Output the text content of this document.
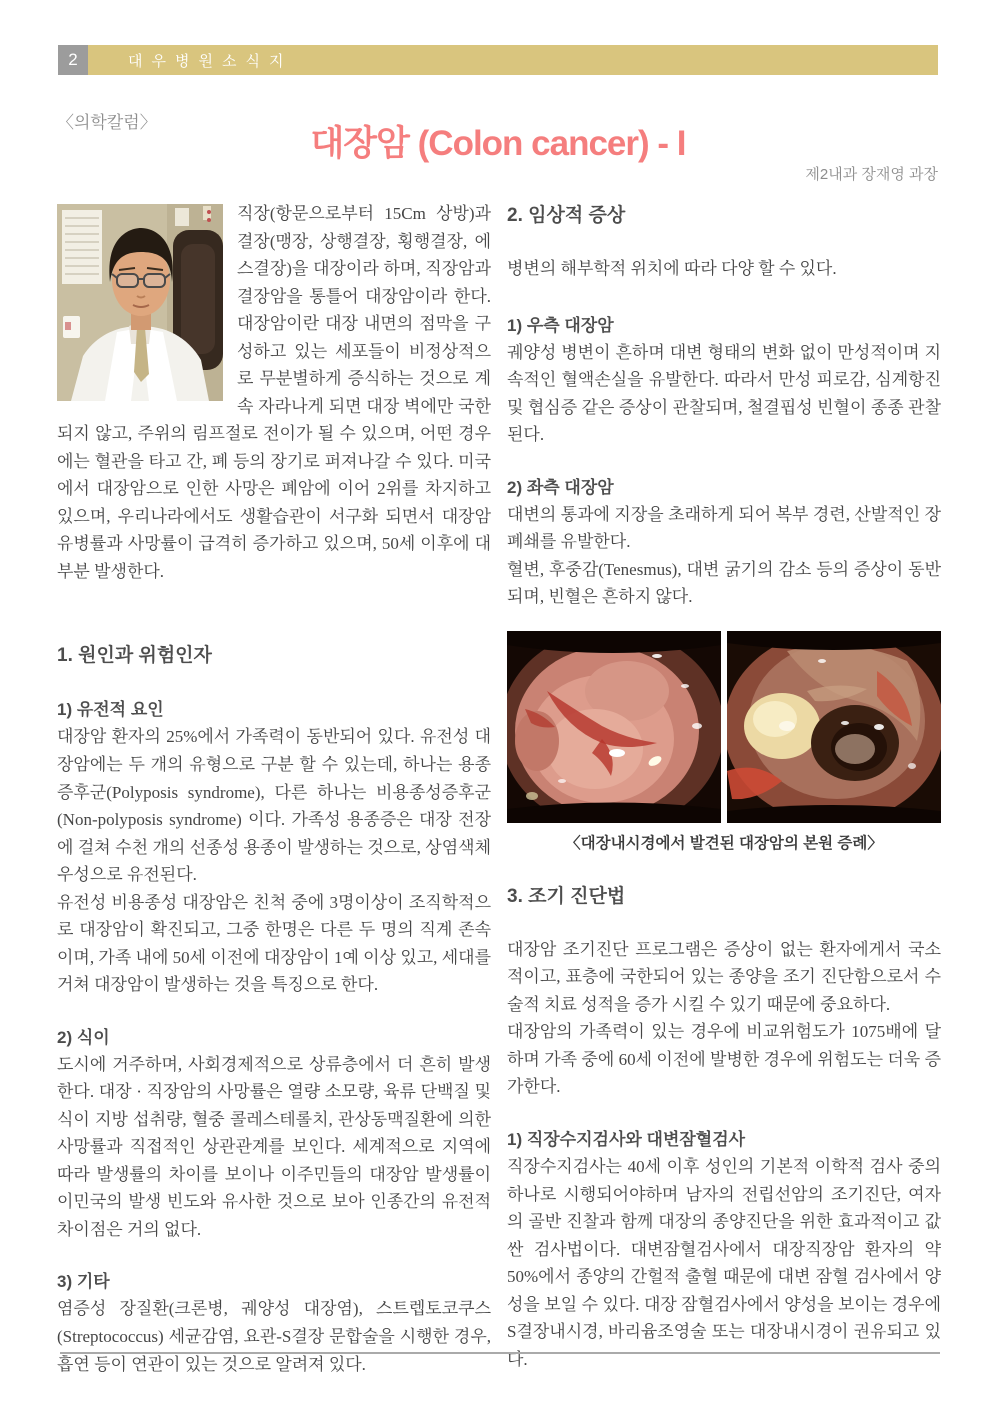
2	대우병원소식지
〈의학칼럼〉
대장암 (Colon cancer) - I
제2내과 장재영 과장

직장(항문으로부터 15Cm 상방)과 결장(맹장, 상행결장, 횡행결장, 에스결장)을 대장이라 하며, 직장암과 결장암을 통틀어 대장암이라 한다. 대장암이란 대장 내면의 점막을 구성하고 있는 세포들이 비정상적으로 무분별하게 증식하는 것으로 계속 자라나게 되면 대장 벽에만 국한되지 않고, 주위의 림프절로 전이가 될 수 있으며, 어떤 경우에는 혈관을 타고 간, 폐 등의 장기로 퍼져나갈 수 있다. 미국에서 대장암으로 인한 사망은 폐암에 이어 2위를 차지하고 있으며, 우리나라에서도 생활습관이 서구화 되면서 대장암 유병률과 사망률이 급격히 증가하고 있으며, 50세 이후에 대부분 발생한다.

1. 원인과 위험인자
1) 유전적 요인

대장암 환자의 25%에서 가족력이 동반되어 있다. 유전성 대장암에는 두 개의 유형으로 구분 할 수 있는데, 하나는 용종 증후군(Polyposis syndrome), 다른 하나는 비용종성증후군(Non-polyposis syndrome) 이다. 가족성 용종증은 대장 전장에 걸쳐 수천 개의 선종성 용종이 발생하는 것으로, 상염색체 우성으로 유전된다.

유전성 비용종성 대장암은 친척 중에 3명이상이 조직학적으로 대장암이 확진되고, 그중 한명은 다른 두 명의 직계 존속이며, 가족 내에 50세 이전에 대장암이 1예 이상 있고, 세대를 거쳐 대장암이 발생하는 것을 특징으로 한다.

2) 식이

도시에 거주하며, 사회경제적으로 상류층에서 더 흔히 발생한다. 대장 · 직장암의 사망률은 열량 소모량, 육류 단백질 및 식이 지방 섭취량, 혈중 콜레스테롤치, 관상동맥질환에 의한 사망률과 직접적인 상관관계를 보인다. 세계적으로 지역에 따라 발생률의 차이를 보이나 이주민들의 대장암 발생률이 이민국의 발생 빈도와 유사한 것으로 보아 인종간의 유전적 차이점은 거의 없다.

3) 기타

염증성 장질환(크론병, 궤양성 대장염), 스트렙토코쿠스(Streptococcus) 세균감염, 요관-S결장 문합술을 시행한 경우, 흡연 등이 연관이 있는 것으로 알려져 있다.

2. 임상적 증상

병변의 해부학적 위치에 따라 다양 할 수 있다.

1) 우측 대장암

궤양성 병변이 흔하며 대변 형태의 변화 없이 만성적이며 지속적인 혈액손실을 유발한다. 따라서 만성 피로감, 심계항진 및 협심증 같은 증상이 관찰되며, 철결핍성 빈혈이 종종 관찰된다.

2) 좌측 대장암

대변의 통과에 지장을 초래하게 되어 복부 경련, 산발적인 장폐쇄를 유발한다.

혈변, 후중감(Tenesmus), 대변 굵기의 감소 등의 증상이 동반되며, 빈혈은 흔하지 않다.

〈대장내시경에서 발견된 대장암의 본원 증례〉
3. 조기 진단법

대장암 조기진단 프로그램은 증상이 없는 환자에게서 국소적이고, 표층에 국한되어 있는 종양을 조기 진단함으로서 수술적 치료 성적을 증가 시킬 수 있기 때문에 중요하다.

대장암의 가족력이 있는 경우에 비교위험도가 1075배에 달하며 가족 중에 60세 이전에 발병한 경우에 위험도는 더욱 증가한다.

1) 직장수지검사와 대변잠혈검사

직장수지검사는 40세 이후 성인의 기본적 이학적 검사 중의 하나로 시행되어야하며 남자의 전립선암의 조기진단, 여자의 골반 진찰과 함께 대장의 종양진단을 위한 효과적이고 값싼 검사법이다. 대변잠혈검사에서 대장직장암 환자의 약 50%에서 종양의 간헐적 출혈 때문에 대변 잠혈 검사에서 양성을 보일 수 있다. 대장 잠혈검사에서 양성을 보이는 경우에 S결장내시경, 바리윰조영술 또는 대장내시경이 권유되고 있다.
